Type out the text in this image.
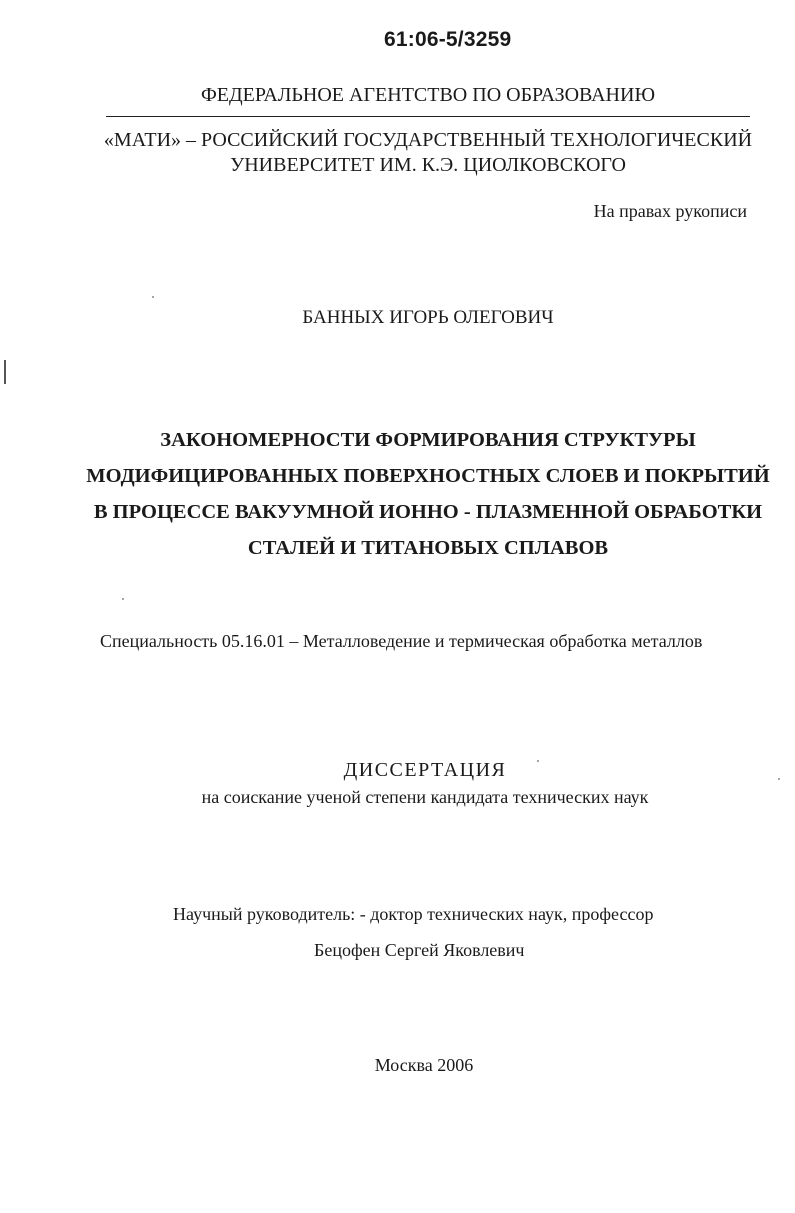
61:06-5/3259
ФЕДЕРАЛЬНОЕ АГЕНТСТВО ПО ОБРАЗОВАНИЮ
«МАТИ» – РОССИЙСКИЙ ГОСУДАРСТВЕННЫЙ ТЕХНОЛОГИЧЕСКИЙ
УНИВЕРСИТЕТ ИМ. К.Э. ЦИОЛКОВСКОГО
На правах рукописи
БАННЫХ ИГОРЬ ОЛЕГОВИЧ
ЗАКОНОМЕРНОСТИ ФОРМИРОВАНИЯ СТРУКТУРЫ
МОДИФИЦИРОВАННЫХ ПОВЕРХНОСТНЫХ СЛОЕВ И ПОКРЫТИЙ
В ПРОЦЕССЕ ВАКУУМНОЙ ИОННО - ПЛАЗМЕННОЙ ОБРАБОТКИ
СТАЛЕЙ И ТИТАНОВЫХ СПЛАВОВ
Специальность 05.16.01 – Металловедение и термическая обработка металлов
ДИССЕРТАЦИЯ
на соискание ученой степени кандидата технических наук
Научный руководитель: - доктор технических наук, профессор
Бецофен Сергей Яковлевич
Москва 2006
